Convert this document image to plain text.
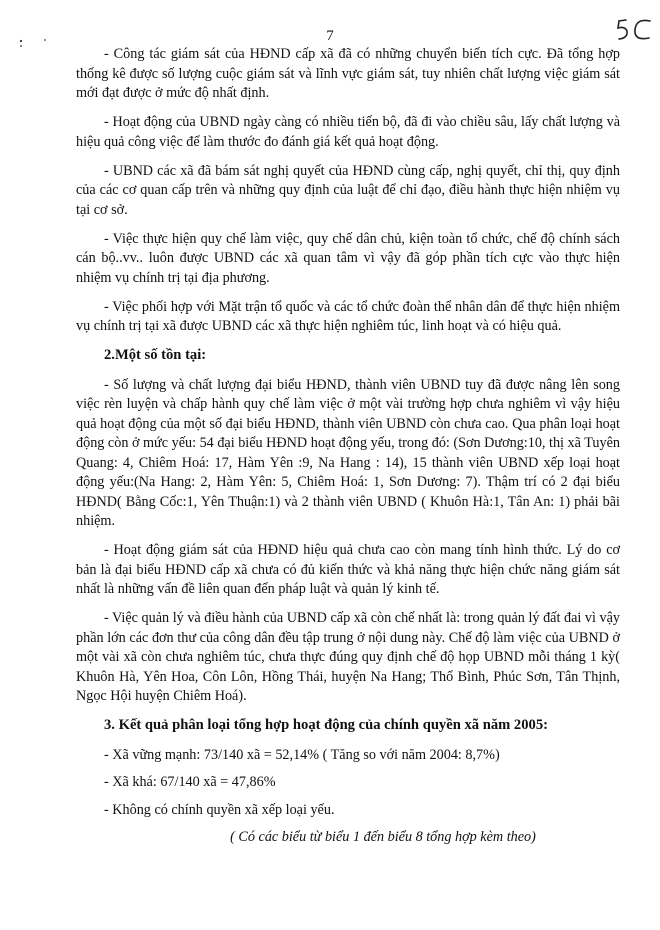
7

- Công tác giám sát của HĐND cấp xã đã có những chuyển biến tích cực. Đã tổng hợp thống kê được số lượng cuộc giám sát và lĩnh vực giám sát, tuy nhiên chất lượng việc giám sát mới đạt được ở mức độ nhất định.

- Hoạt động của UBND ngày càng có nhiều tiến bộ, đã đi vào chiều sâu, lấy chất lượng và hiệu quả công việc để làm thước đo đánh giá kết quả hoạt động.

- UBND các xã đã bám sát nghị quyết của HĐND cùng cấp, nghị quyết, chỉ thị, quy định của các cơ quan cấp trên và những quy định của luật để chỉ đạo, điều hành thực hiện nhiệm vụ tại cơ sở.

- Việc thực hiện quy chế làm việc, quy chế dân chủ, kiện toàn tổ chức, chế độ chính sách cán bộ..vv.. luôn được UBND các xã quan tâm vì vậy đã góp phần tích cực vào thực hiện nhiệm vụ chính trị tại địa phương.

- Việc phối hợp với Mặt trận tổ quốc và các tổ chức đoàn thể nhân dân để thực hiện nhiệm vụ chính trị tại xã được UBND các xã thực hiện nghiêm túc, linh hoạt và có hiệu quả.

2.Một số tồn tại:

- Số lượng và chất lượng đại biểu HĐND, thành viên UBND tuy đã được nâng lên song việc rèn luyện và chấp hành quy chế làm việc ở một vài trường hợp chưa nghiêm vì vậy hiệu quả hoạt động của một số đại biểu HĐND, thành viên UBND còn chưa cao. Qua phân loại hoạt động còn ở mức yếu: 54 đại biểu HĐND hoạt động yếu, trong đó: (Sơn Dương:10, thị xã Tuyên Quang: 4, Chiêm Hoá: 17, Hàm Yên :9, Na Hang : 14), 15 thành viên UBND xếp loại hoạt động yếu:(Na Hang: 2, Hàm Yên: 5, Chiêm Hoá: 1, Sơn Dương: 7). Thậm trí có 2 đại biểu HĐND( Bằng Cốc:1, Yên Thuận:1) và 2 thành viên UBND ( Khuôn Hà:1, Tân An: 1) phải bãi nhiệm.

- Hoạt động giám sát của HĐND hiệu quả chưa cao còn mang tính hình thức. Lý do cơ bản là đại biểu HĐND cấp xã chưa có đủ kiến thức và khả năng thực hiện chức năng giám sát nhất là những vấn đề liên quan đến pháp luật và quản lý kinh tế.

- Việc quản lý và điều hành của UBND cấp xã còn chế nhất là: trong quản lý đất đai vì vậy phần lớn các đơn thư của công dân đều tập trung ở nội dung này. Chế độ làm việc của UBND ở một vài xã còn chưa nghiêm túc, chưa thực đúng quy định chế độ họp UBND mỗi tháng 1 kỳ( Khuôn Hà, Yên Hoa, Côn Lôn, Hồng Thái, huyện Na Hang; Thổ Bình, Phúc Sơn, Tân Thịnh, Ngọc Hội huyện Chiêm Hoá).

3. Kết quả phân loại tổng hợp hoạt động của chính quyền xã năm 2005:

- Xã vững mạnh: 73/140 xã = 52,14% ( Tăng so với năm 2004: 8,7%)

- Xã khá: 67/140 xã = 47,86%

- Không có chính quyền xã xếp loại yếu.

( Có các biểu từ biểu 1 đến biểu 8 tổng hợp kèm theo)
